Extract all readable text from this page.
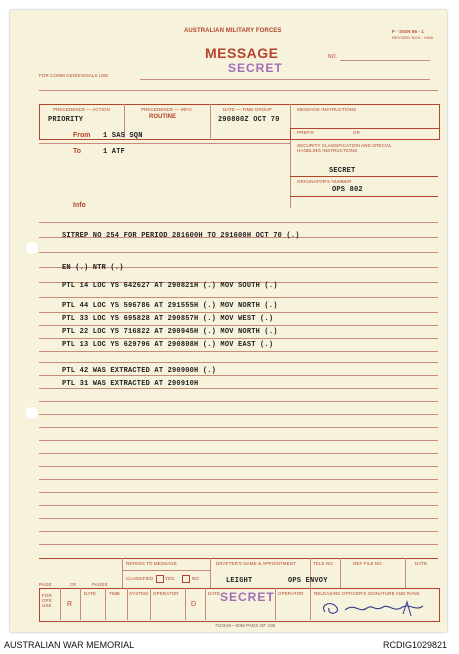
AUSTRALIAN MILITARY FORCES	F - SIGN 55 - 1
REVISED NOV., 1968
MESSAGE
SECRET
NO.
FOR COMM CEN/SIGNALS USE
PRECEDENCE — ACTION
PRIORITY
PRECEDENCE — INFO
ROUTINE
DATE — TIME GROUP
290800Z OCT 70
MESSAGE INSTRUCTIONS
PREFIX	GR
From 1 SAS SQN
To	1 ATF
SECURITY CLASSIFICATION AND SPECIAL HANDLING INSTRUCTIONS
SECRET
ORIGINATOR'S NUMBER
OPS 802
Info
SITREP NO 254 FOR PERIOD 281600H TO 291600H OCT 70 (.)
EN (.) NTR (.)
PTL 14 LOC YS 642627 AT 290821H (.) MOV SOUTH (.)
PTL 44 LOC YS 596786 AT 291555H (.) MOV NORTH (.)
PTL 33 LOC YS 695828 AT 290857H (.) MOV WEST (.)
PTL 22 LOC YS 716822 AT 290945H (.) MOV NORTH (.)
PTL 13 LOC YS 629796 AT 290808H (.) MOV EAST (.)
PTL 42 WAS EXTRACTED AT 290900H (.)
PTL 31 WAS EXTRACTED AT 290910H
REFERS TO MESSAGE
CLASSIFIED	YES	NO
DRAFTER'S NAME & APPOINTMENT
LEIGHT	OPS ENVOY
TELE NO	REF FILE NO	DATE
PAGE	OF	PAGES
FOR OPS USE	R
DATE	TIME SYSTEM OPERATOR
D
DATE	OPERATOR
SECRET	RELEASING OFFICER'S SIGNATURE AND RANK
71034S—20M PADS OF 100
AUSTRALIAN WAR MEMORIAL	RCDIG1029821
